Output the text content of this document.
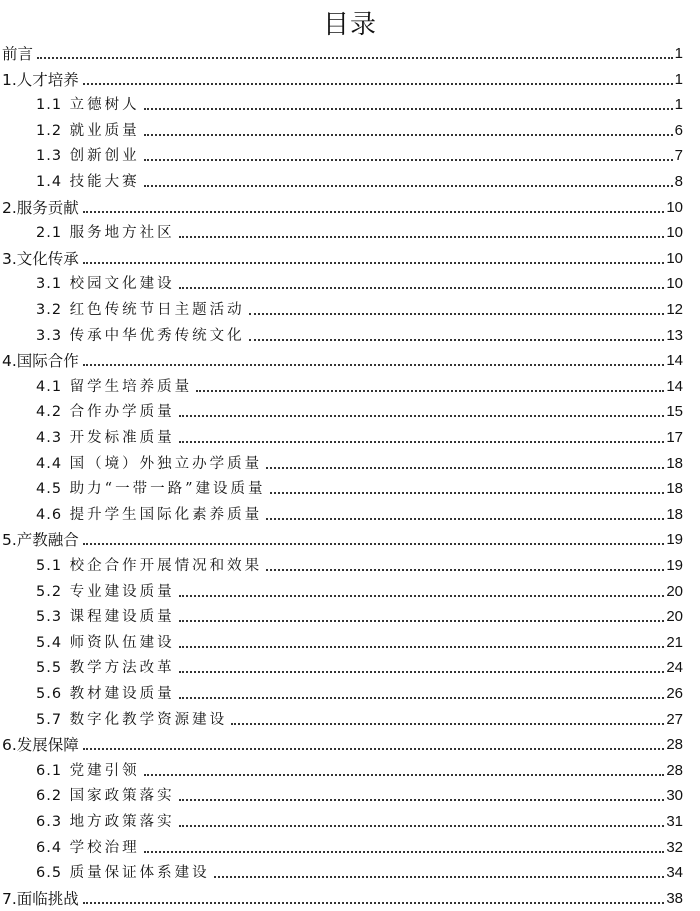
目录
前言	1
1.人才培养	1
1.1 立德树人	1
1.2 就业质量	6
1.3 创新创业	7
1.4 技能大赛	8
2.服务贡献	10
2.1 服务地方社区	10
3.文化传承	10
3.1 校园文化建设	10
3.2 红色传统节日主题活动	12
3.3 传承中华优秀传统文化	13
4.国际合作	14
4.1 留学生培养质量	14
4.2 合作办学质量	15
4.3 开发标准质量	17
4.4 国（境）外独立办学质量	18
4.5 助力“一带一路”建设质量	18
4.6 提升学生国际化素养质量	18
5.产教融合	19
5.1 校企合作开展情况和效果	19
5.2 专业建设质量	20
5.3 课程建设质量	20
5.4 师资队伍建设	21
5.5 教学方法改革	24
5.6 教材建设质量	26
5.7 数字化教学资源建设	27
6.发展保障	28
6.1 党建引领	28
6.2 国家政策落实	30
6.3 地方政策落实	31
6.4 学校治理	32
6.5 质量保证体系建设	34
7.面临挑战	38
